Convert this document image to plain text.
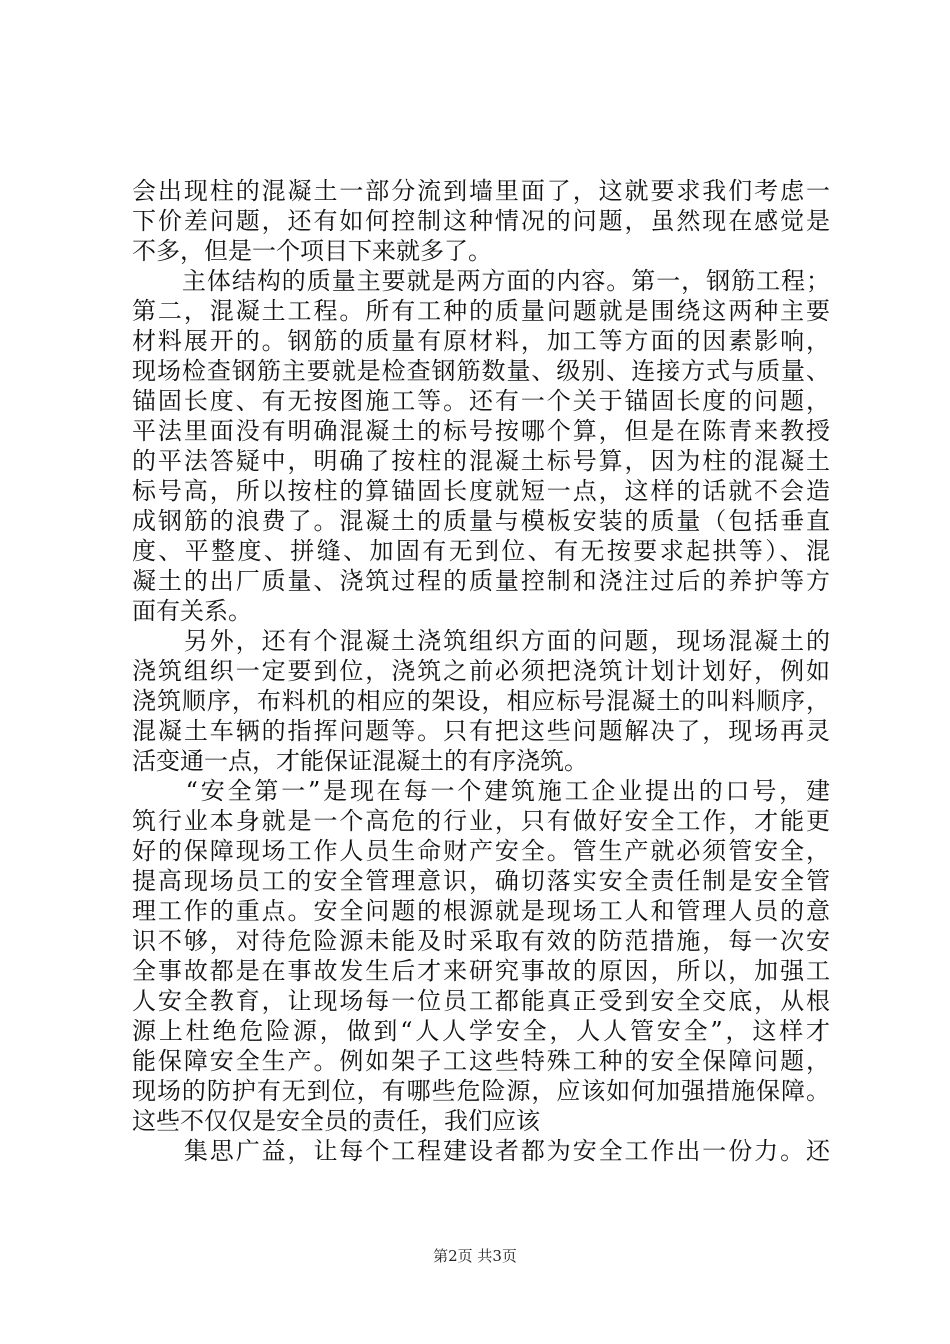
会出现柱的混凝土一部分流到墙里面了，这就要求我们考虑一
下价差问题，还有如何控制这种情况的问题，虽然现在感觉是
不多，但是一个项目下来就多了。
　　主体结构的质量主要就是两方面的内容。第一，钢筋工程；
第二，混凝土工程。所有工种的质量问题就是围绕这两种主要
材料展开的。钢筋的质量有原材料，加工等方面的因素影响，
现场检查钢筋主要就是检查钢筋数量、级别、连接方式与质量、
锚固长度、有无按图施工等。还有一个关于锚固长度的问题，
平法里面没有明确混凝土的标号按哪个算，但是在陈青来教授
的平法答疑中，明确了按柱的混凝土标号算，因为柱的混凝土
标号高，所以按柱的算锚固长度就短一点，这样的话就不会造
成钢筋的浪费了。混凝土的质量与模板安装的质量（包括垂直
度、平整度、拼缝、加固有无到位、有无按要求起拱等）、混
凝土的出厂质量、浇筑过程的质量控制和浇注过后的养护等方
面有关系。
　　另外，还有个混凝土浇筑组织方面的问题，现场混凝土的
浇筑组织一定要到位，浇筑之前必须把浇筑计划计划好，例如
浇筑顺序，布料机的相应的架设，相应标号混凝土的叫料顺序，
混凝土车辆的指挥问题等。只有把这些问题解决了，现场再灵
活变通一点，才能保证混凝土的有序浇筑。
　　“安全第一”是现在每一个建筑施工企业提出的口号，建
筑行业本身就是一个高危的行业，只有做好安全工作，才能更
好的保障现场工作人员生命财产安全。管生产就必须管安全，
提高现场员工的安全管理意识，确切落实安全责任制是安全管
理工作的重点。安全问题的根源就是现场工人和管理人员的意
识不够，对待危险源未能及时采取有效的防范措施，每一次安
全事故都是在事故发生后才来研究事故的原因，所以，加强工
人安全教育，让现场每一位员工都能真正受到安全交底，从根
源上杜绝危险源，做到“人人学安全，人人管安全”，这样才
能保障安全生产。例如架子工这些特殊工种的安全保障问题，
现场的防护有无到位，有哪些危险源，应该如何加强措施保障。
这些不仅仅是安全员的责任，我们应该
　　集思广益，让每个工程建设者都为安全工作出一份力。还
第2页 共3页
